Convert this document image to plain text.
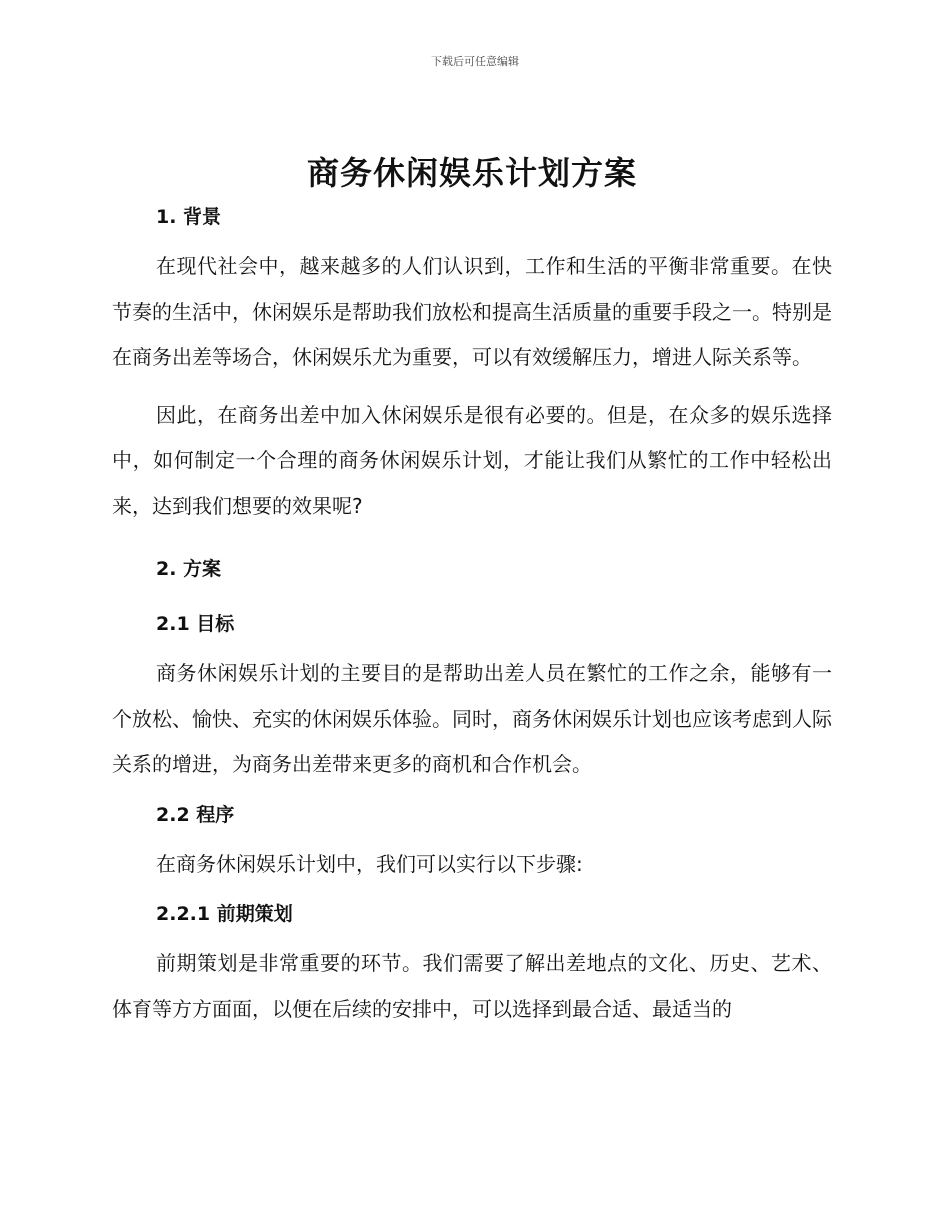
下载后可任意编辑
商务休闲娱乐计划方案
1. 背景

在现代社会中，越来越多的人们认识到，工作和生活的平衡非常重要。在快节奏的生活中，休闲娱乐是帮助我们放松和提高生活质量的重要手段之一。特别是在商务出差等场合，休闲娱乐尤为重要，可以有效缓解压力，增进人际关系等。

因此，在商务出差中加入休闲娱乐是很有必要的。但是，在众多的娱乐选择中，如何制定一个合理的商务休闲娱乐计划，才能让我们从繁忙的工作中轻松出来，达到我们想要的效果呢?

2. 方案
2.1 目标

商务休闲娱乐计划的主要目的是帮助出差人员在繁忙的工作之余，能够有一个放松、愉快、充实的休闲娱乐体验。同时，商务休闲娱乐计划也应该考虑到人际关系的增进，为商务出差带来更多的商机和合作机会。

2.2 程序

在商务休闲娱乐计划中，我们可以实行以下步骤:

2.2.1 前期策划

前期策划是非常重要的环节。我们需要了解出差地点的文化、历史、艺术、体育等方方面面，以便在后续的安排中，可以选择到最合适、最适当的
